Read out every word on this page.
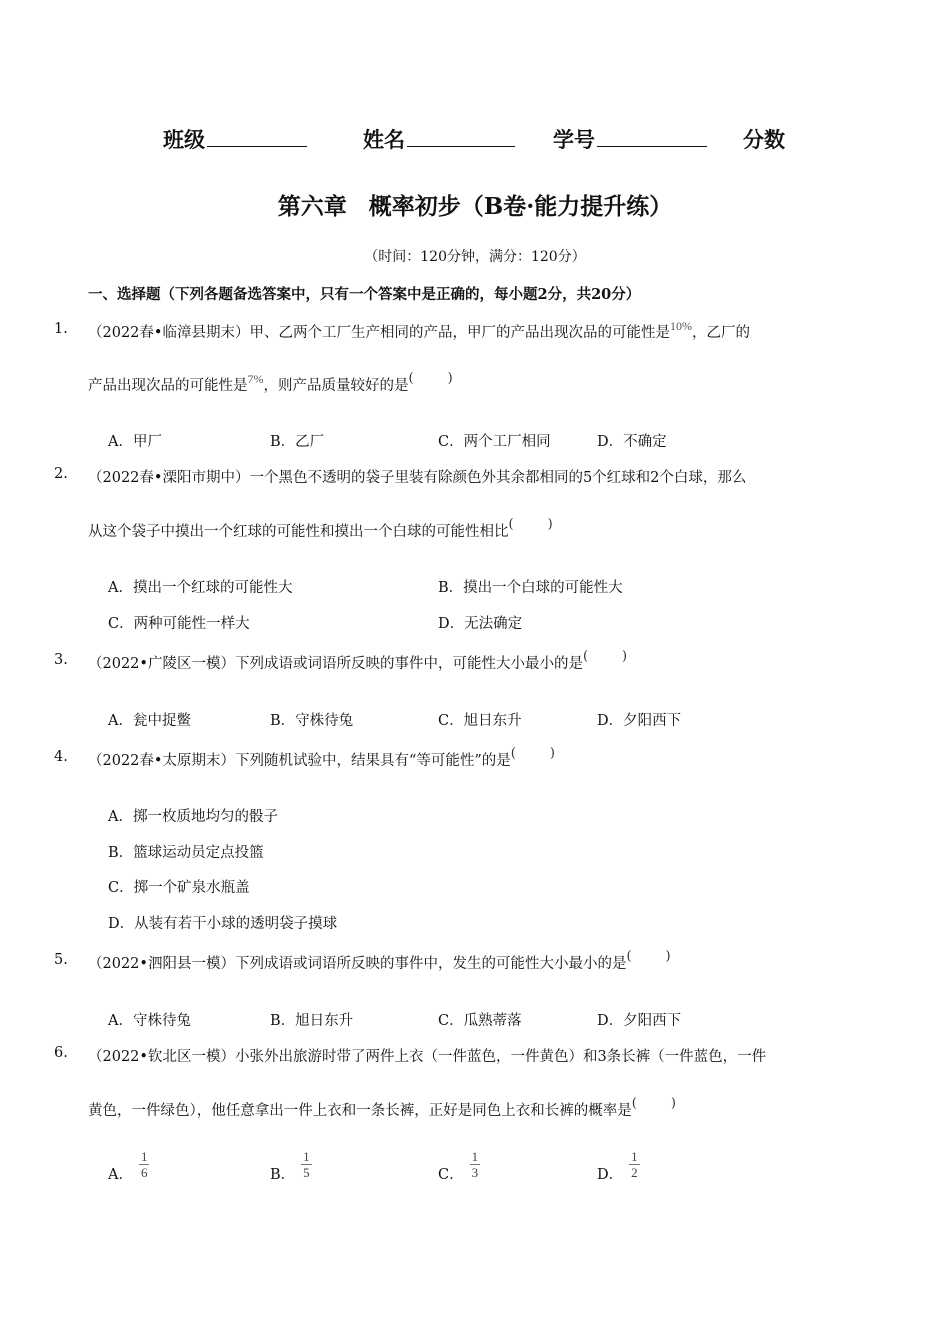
班级	姓名	学号	分数
第六章 概率初步（B卷·能力提升练）
（时间：120分钟，满分：120分）
一、选择题（下列各题备选答案中，只有一个答案中是正确的，每小题2分，共20分）
1. （2022春•临漳县期末）甲、乙两个工厂生产相同的产品，甲厂的产品出现次品的可能性是$^{10\%}$，乙厂的
产品出现次品的可能性是$^{7\%}$，则产品质量较好的是(	)
A．甲厂	B．乙厂	C．两个工厂相同	D．不确定
2. （2022春•溧阳市期中）一个黑色不透明的袋子里装有除颜色外其余都相同的5个红球和2个白球，那么
从这个袋子中摸出一个红球的可能性和摸出一个白球的可能性相比(	)
A．摸出一个红球的可能性大	B．摸出一个白球的可能性大
C．两种可能性一样大	D．无法确定
3. （2022•广陵区一模）下列成语或词语所反映的事件中，可能性大小最小的是(	)
A．瓮中捉鳖	B．守株待兔	C．旭日东升	D．夕阳西下
4. （2022春•太原期末）下列随机试验中，结果具有“等可能性”的是(	)
A．掷一枚质地均匀的骰子
B．篮球运动员定点投篮
C．掷一个矿泉水瓶盖
D．从装有若干小球的透明袋子摸球
5. （2022•泗阳县一模）下列成语或词语所反映的事件中，发生的可能性大小最小的是(	)
A．守株待兔	B．旭日东升	C．瓜熟蒂落	D．夕阳西下
6. （2022•钦北区一模）小张外出旅游时带了两件上衣（一件蓝色，一件黄色）和3条长裤（一件蓝色，一件
黄色，一件绿色），他任意拿出一件上衣和一条长裤，正好是同色上衣和长裤的概率是(	)
A． $\frac{1}{6}$	B． $\frac{1}{5}$	C． $\frac{1}{3}$	D． $\frac{1}{2}$
